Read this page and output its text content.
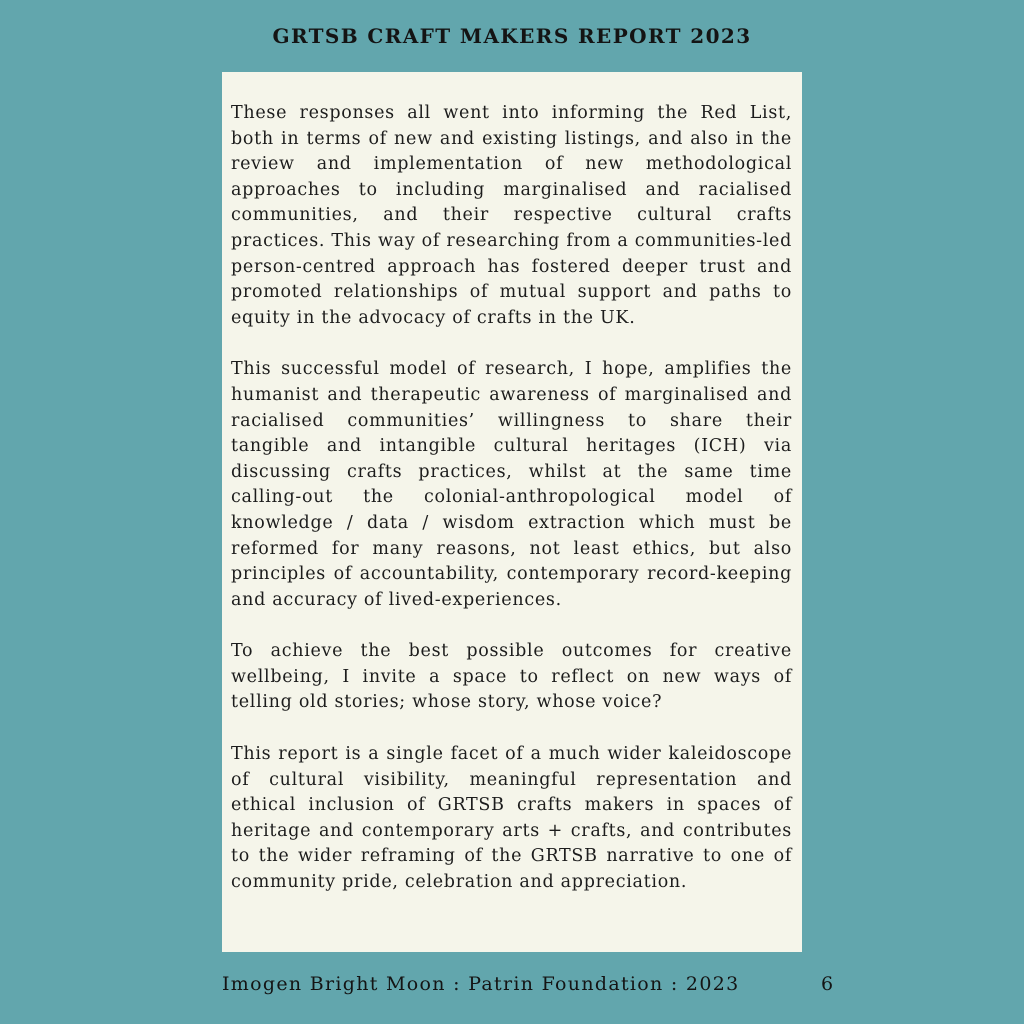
GRTSB CRAFT MAKERS REPORT 2023

These responses all went into informing the Red List, both in terms of new and existing listings, and also in the review and implementation of new methodological approaches to including marginalised and racialised communities, and their respective cultural crafts practices. This way of researching from a communities-led person-centred approach has fostered deeper trust and promoted relationships of mutual support and paths to equity in the advocacy of crafts in the UK.

This successful model of research, I hope, amplifies the humanist and therapeutic awareness of marginalised and racialised communities’ willingness to share their tangible and intangible cultural heritages (ICH) via discussing crafts practices, whilst at the same time calling-out the colonial-anthropological model of knowledge / data / wisdom extraction which must be reformed for many reasons, not least ethics, but also principles of accountability, contemporary record-keeping and accuracy of lived-experiences.

To achieve the best possible outcomes for creative wellbeing, I invite a space to reflect on new ways of telling old stories; whose story, whose voice?

This report is a single facet of a much wider kaleidoscope of cultural visibility, meaningful representation and ethical inclusion of GRTSB crafts makers in spaces of heritage and contemporary arts + crafts, and contributes to the wider reframing of the GRTSB narrative to one of community pride, celebration and appreciation.

Imogen Bright Moon : Patrin Foundation : 2023	6
